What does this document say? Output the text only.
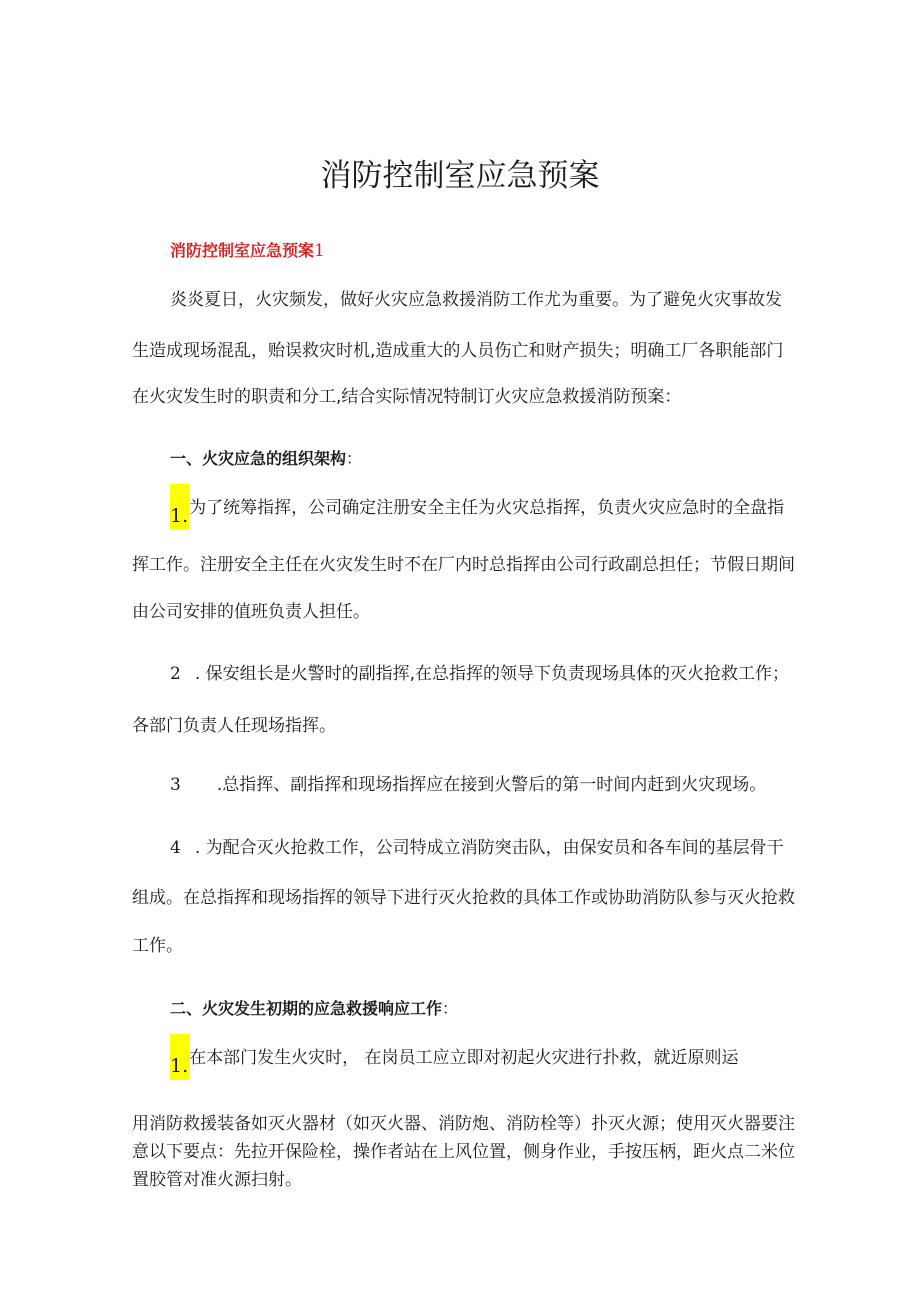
消防控制室应急预案
消防控制室应急预案1
炎炎夏日，火灾频发，做好火灾应急救援消防工作尤为重要。为了避免火灾事故发
生造成现场混乱，贻误救灾时机,造成重大的人员伤亡和财产损失；明确工厂各职能部门
在火灾发生时的职责和分工,结合实际情况特制订火灾应急救援消防预案：
一、火灾应急的组织架构：
1.为了统筹指挥，公司确定注册安全主任为火灾总指挥，负责火灾应急时的全盘指
挥工作。注册安全主任在火灾发生时不在厂内时总指挥由公司行政副总担任；节假日期间
由公司安排的值班负责人担任。
2 . 保安组长是火警时的副指挥,在总指挥的领导下负责现场具体的灭火抢救工作；
各部门负责人任现场指挥。
3 .总指挥、副指挥和现场指挥应在接到火警后的第一时间内赶到火灾现场。
4 . 为配合灭火抢救工作，公司特成立消防突击队，由保安员和各车间的基层骨干
组成。在总指挥和现场指挥的领导下进行灭火抢救的具体工作或协助消防队参与灭火抢救
工作。
二、火灾发生初期的应急救援响应工作：
1.在本部门发生火灾时， 在岗员工应立即对初起火灾进行扑救，就近原则运
用消防救援装备如灭火器材（如灭火器、消防炮、消防栓等）扑灭火源；使用灭火器要注
意以下要点：先拉开保险栓，操作者站在上风位置，侧身作业，手按压柄，距火点二米位
置胶管对准火源扫射。
